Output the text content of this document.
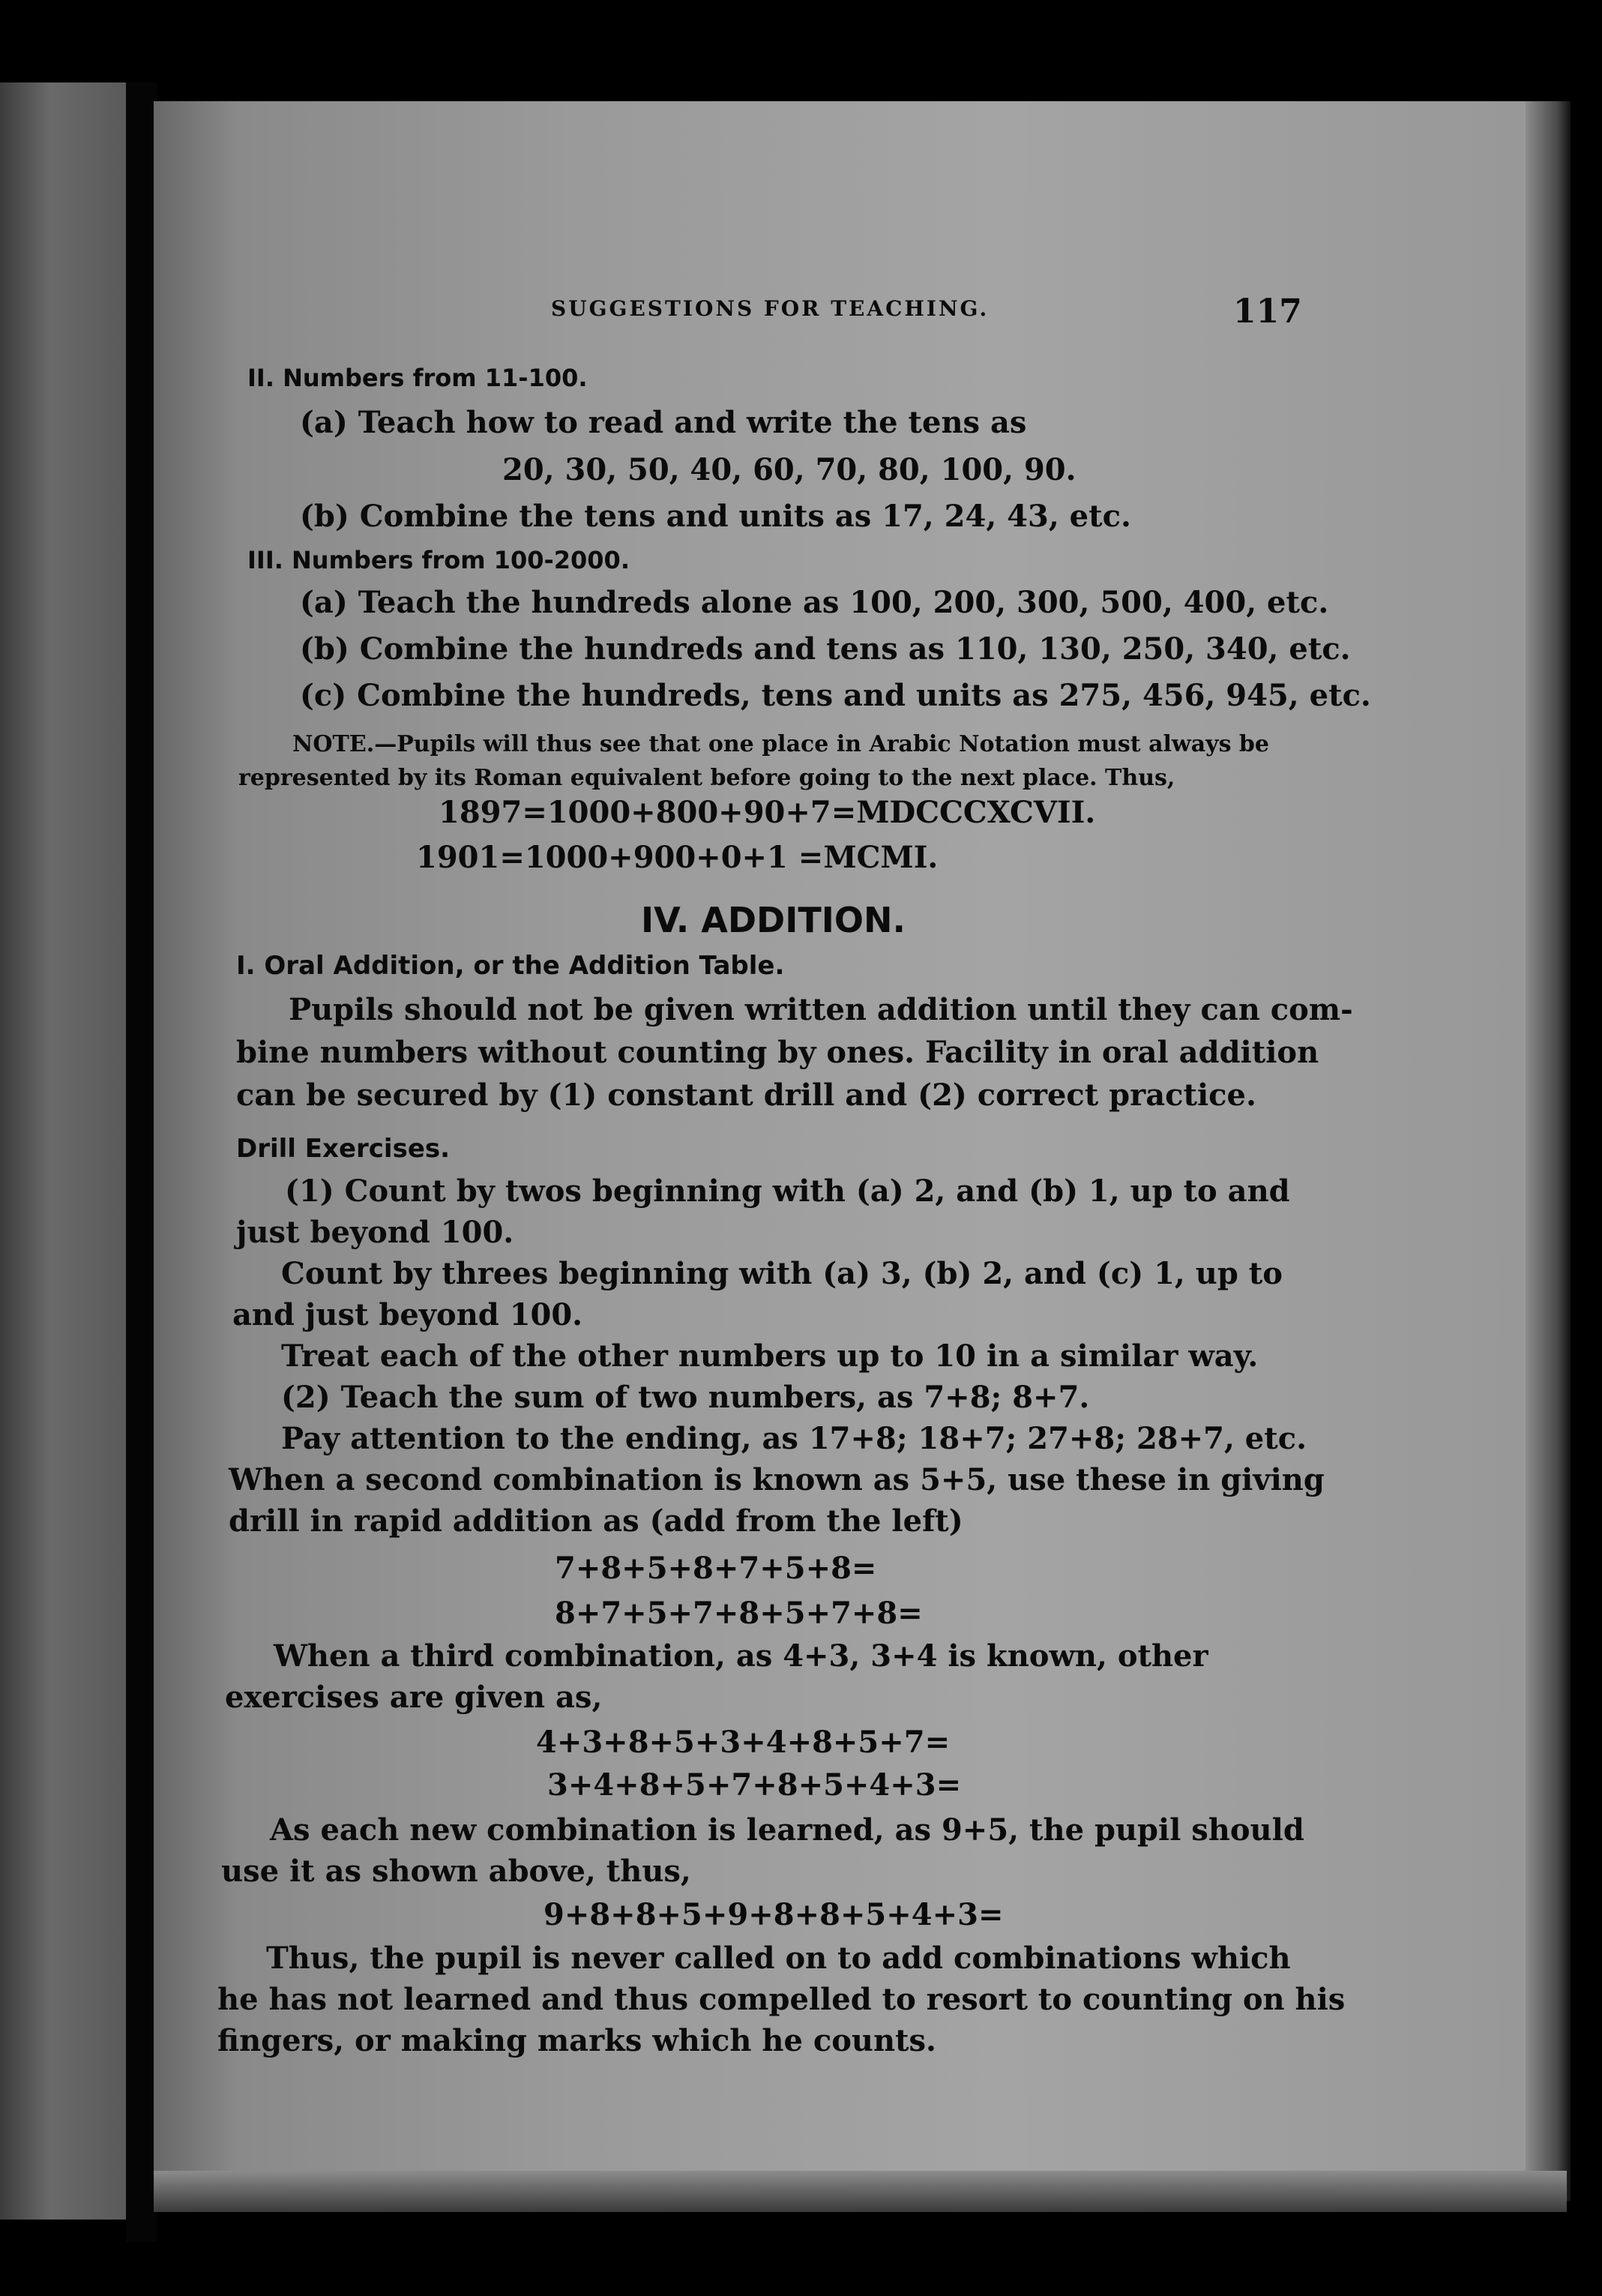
SUGGESTIONS FOR TEACHING.	117

II. Numbers from 11-100.

(a) Teach how to read and write the tens as

20, 30, 50, 40, 60, 70, 80, 100, 90.

(b) Combine the tens and units as 17, 24, 43, etc.

III. Numbers from 100-2000.

(a) Teach the hundreds alone as 100, 200, 300, 500, 400, etc.

(b) Combine the hundreds and tens as 110, 130, 250, 340, etc.

(c) Combine the hundreds, tens and units as 275, 456, 945, etc.

NOTE.—Pupils will thus see that one place in Arabic Notation must always be

represented by its Roman equivalent before going to the next place. Thus,

1897=1000+800+90+7=MDCCCXCVII.

1901=1000+900+0+1 =MCMI.

IV. ADDITION.

I. Oral Addition, or the Addition Table.

Pupils should not be given written addition until they can com-

bine numbers without counting by ones. Facility in oral addition

can be secured by (1) constant drill and (2) correct practice.

Drill Exercises.

(1) Count by twos beginning with (a) 2, and (b) 1, up to and

just beyond 100.

Count by threes beginning with (a) 3, (b) 2, and (c) 1, up to

and just beyond 100.

Treat each of the other numbers up to 10 in a similar way.

(2) Teach the sum of two numbers, as 7+8; 8+7.

Pay attention to the ending, as 17+8; 18+7; 27+8; 28+7, etc.

When a second combination is known as 5+5, use these in giving

drill in rapid addition as (add from the left)

7+8+5+8+7+5+8=

8+7+5+7+8+5+7+8=

When a third combination, as 4+3, 3+4 is known, other

exercises are given as,

4+3+8+5+3+4+8+5+7=

3+4+8+5+7+8+5+4+3=

As each new combination is learned, as 9+5, the pupil should

use it as shown above, thus,

9+8+8+5+9+8+8+5+4+3=

Thus, the pupil is never called on to add combinations which

he has not learned and thus compelled to resort to counting on his

fingers, or making marks which he counts.
